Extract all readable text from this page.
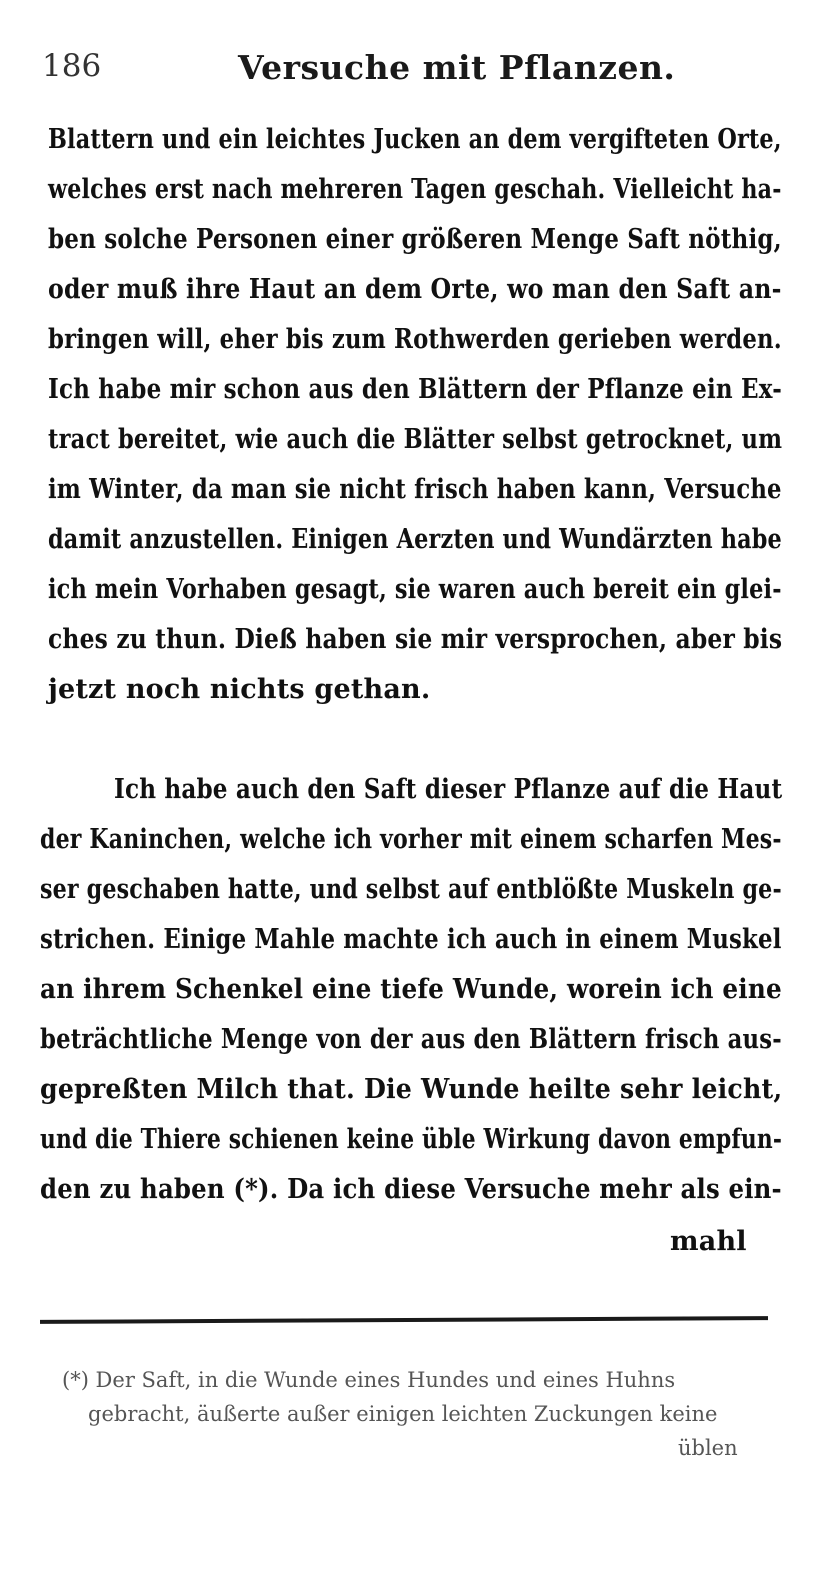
186	Versuche mit Pflanzen.
Blattern und ein leichtes Jucken an dem vergifteten Orte,
welches erst nach mehreren Tagen geschah. Vielleicht ha-
ben solche Personen einer größeren Menge Saft nöthig,
oder muß ihre Haut an dem Orte, wo man den Saft an-
bringen will, eher bis zum Rothwerden gerieben werden.
Ich habe mir schon aus den Blättern der Pflanze ein Ex-
tract bereitet, wie auch die Blätter selbst getrocknet, um
im Winter, da man sie nicht frisch haben kann, Versuche
damit anzustellen. Einigen Aerzten und Wundärzten habe
ich mein Vorhaben gesagt, sie waren auch bereit ein glei-
ches zu thun. Dieß haben sie mir versprochen, aber bis
jetzt noch nichts gethan.
Ich habe auch den Saft dieser Pflanze auf die Haut
der Kaninchen, welche ich vorher mit einem scharfen Mes-
ser geschaben hatte, und selbst auf entblößte Muskeln ge-
strichen. Einige Mahle machte ich auch in einem Muskel
an ihrem Schenkel eine tiefe Wunde, worein ich eine
beträchtliche Menge von der aus den Blättern frisch aus-
gepreßten Milch that. Die Wunde heilte sehr leicht,
und die Thiere schienen keine üble Wirkung davon empfun-
den zu haben (*). Da ich diese Versuche mehr als ein-
mahl
(*) Der Saft, in die Wunde eines Hundes und eines Huhns
gebracht, äußerte außer einigen leichten Zuckungen keine
üblen
